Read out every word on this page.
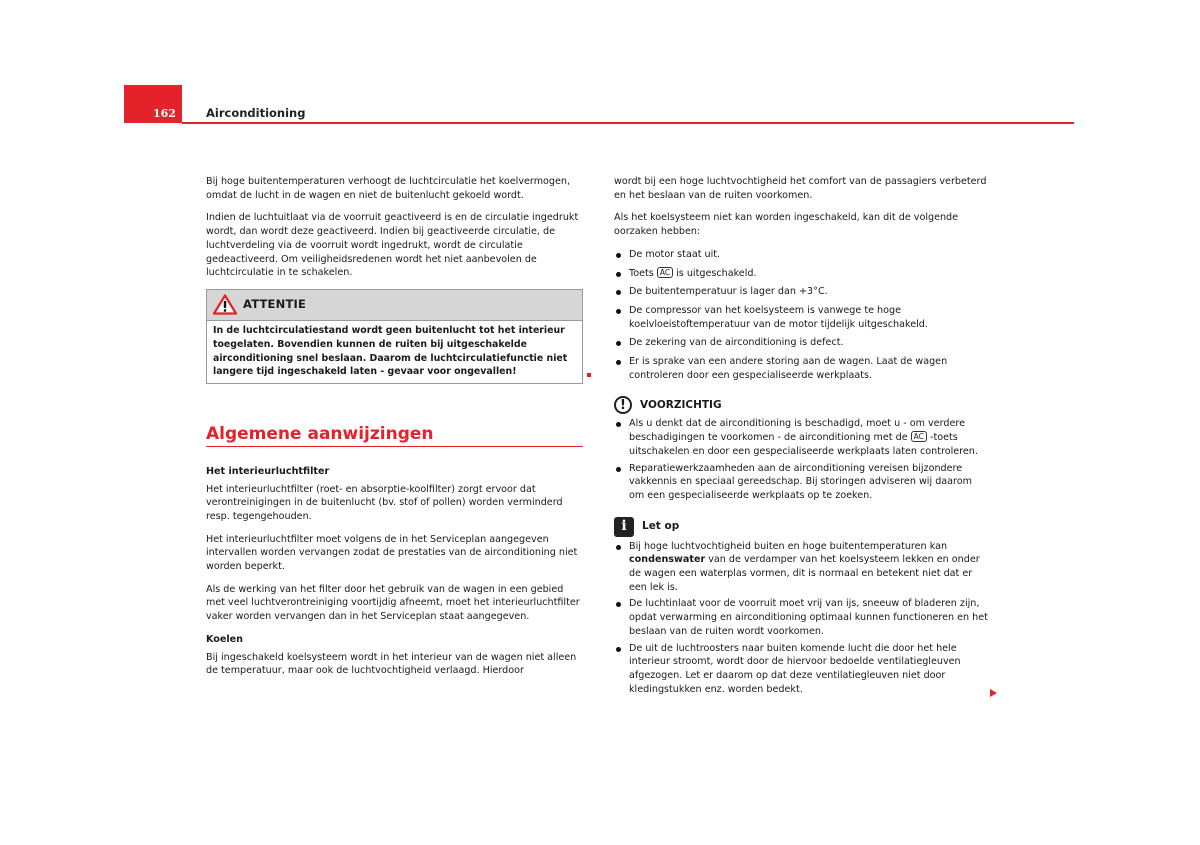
162	Airconditioning

Bij hoge buitentemperaturen verhoogt de luchtcirculatie het koelvermogen, omdat de lucht in de wagen en niet de buitenlucht gekoeld wordt.

Indien de luchtuitlaat via de voorruit geactiveerd is en de circulatie ingedrukt wordt, dan wordt deze geactiveerd. Indien bij geactiveerde circulatie, de luchtverdeling via de voorruit wordt ingedrukt, wordt de circulatie gedeactiveerd. Om veiligheidsredenen wordt het niet aanbevolen de luchtcirculatie in te schakelen.

ATTENTIE
In de luchtcirculatiestand wordt geen buitenlucht tot het interieur toegelaten. Bovendien kunnen de ruiten bij uitgeschakelde airconditioning snel beslaan. Daarom de luchtcirculatiefunctie niet langere tijd ingeschakeld laten - gevaar voor ongevallen!
Algemene aanwijzingen
Het interieurluchtfilter

Het interieurluchtfilter (roet- en absorptie-koolfilter) zorgt ervoor dat verontreinigingen in de buitenlucht (bv. stof of pollen) worden verminderd resp. tegengehouden.

Het interieurluchtfilter moet volgens de in het Serviceplan aangegeven intervallen worden vervangen zodat de prestaties van de airconditioning niet worden beperkt.

Als de werking van het filter door het gebruik van de wagen in een gebied met veel luchtverontreiniging voortijdig afneemt, moet het interieurluchtfilter vaker worden vervangen dan in het Serviceplan staat aangegeven.

Koelen

Bij ingeschakeld koelsysteem wordt in het interieur van de wagen niet alleen de temperatuur, maar ook de luchtvochtigheid verlaagd. Hierdoor

wordt bij een hoge luchtvochtigheid het comfort van de passagiers verbeterd en het beslaan van de ruiten voorkomen.

Als het koelsysteem niet kan worden ingeschakeld, kan dit de volgende oorzaken hebben:

De motor staat uit.
Toets AC is uitgeschakeld.
De buitentemperatuur is lager dan +3°C.
De compressor van het koelsysteem is vanwege te hoge koelvloeistoftemperatuur van de motor tijdelijk uitgeschakeld.
De zekering van de airconditioning is defect.
Er is sprake van een andere storing aan de wagen. Laat de wagen controleren door een gespecialiseerde werkplaats.
!	VOORZICHTIG
Als u denkt dat de airconditioning is beschadigd, moet u - om verdere beschadigingen te voorkomen - de airconditioning met de AC -toets uitschakelen en door een gespecialiseerde werkplaats laten controleren.
Reparatiewerkzaamheden aan de airconditioning vereisen bijzondere vakkennis en speciaal gereedschap. Bij storingen adviseren wij daarom om een gespecialiseerde werkplaats op te zoeken.
i	Let op
Bij hoge luchtvochtigheid buiten en hoge buitentemperaturen kan condenswater van de verdamper van het koelsysteem lekken en onder de wagen een waterplas vormen, dit is normaal en betekent niet dat er een lek is.
De luchtinlaat voor de voorruit moet vrij van ijs, sneeuw of bladeren zijn, opdat verwarming en airconditioning optimaal kunnen functioneren en het beslaan van de ruiten wordt voorkomen.
De uit de luchtroosters naar buiten komende lucht die door het hele interieur stroomt, wordt door de hiervoor bedoelde ventilatiegleuven afgezogen. Let er daarom op dat deze ventilatiegleuven niet door kledingstukken enz. worden bedekt.
